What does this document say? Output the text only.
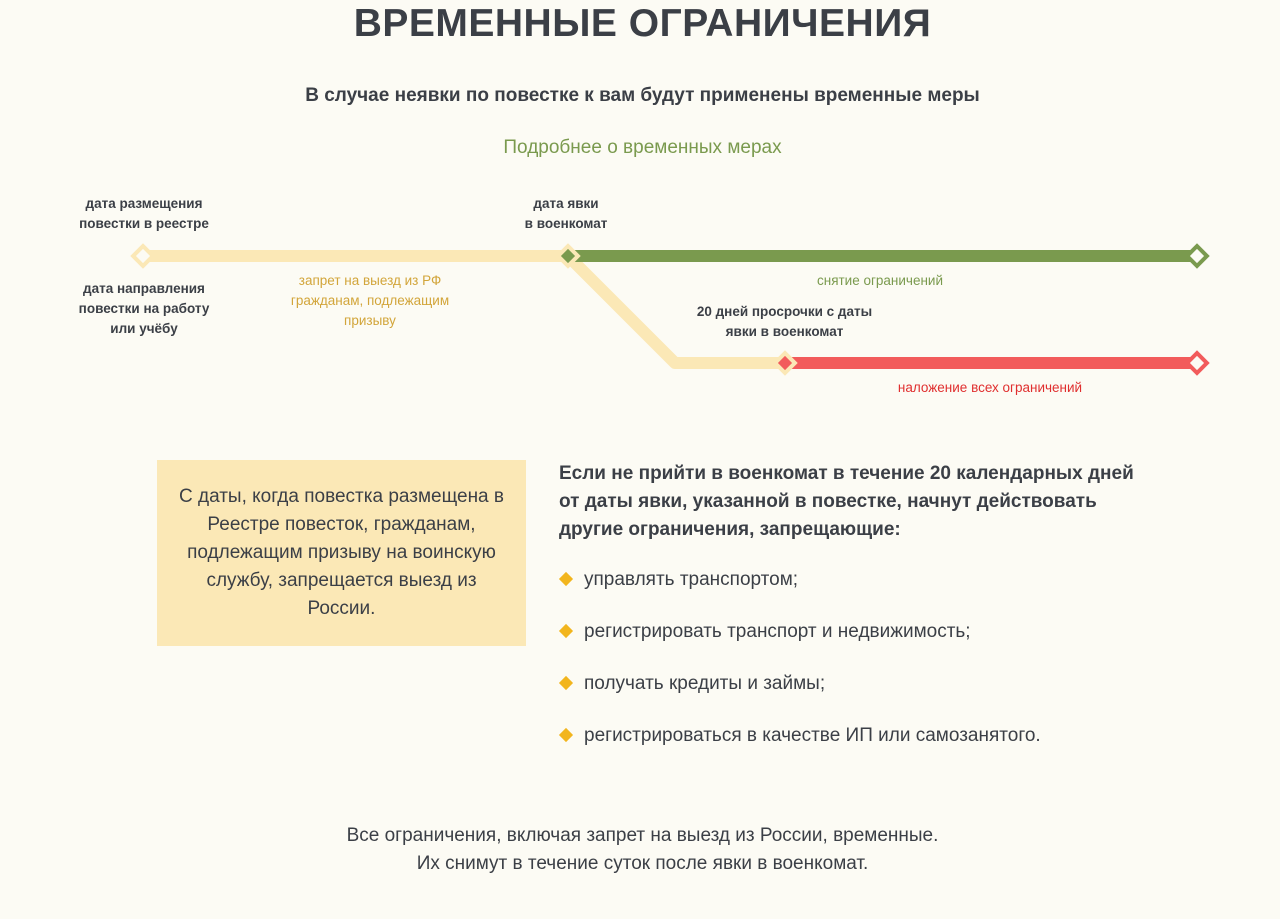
ВРЕМЕННЫЕ ОГРАНИЧЕНИЯ
В случае неявки по повестке к вам будут применены временные меры
Подробнее о временных мерах
дата размещения
повестки в реестре
дата направления
повестки на работу
или учёбу
дата явки
в военкомат
20 дней просрочки с даты
явки в военкомат
запрет на выезд из РФ
гражданам, подлежащим
призыву
снятие ограничений
наложение всех ограничений
С даты, когда повестка размещена в Реестре повесток, гражданам, подлежащим призыву на воинскую службу, запрещается выезд из России.
Если не прийти в военкомат в течение 20 календарных дней от даты явки, указанной в повестке, начнут действовать другие ограничения, запрещающие:
управлять транспортом;
регистрировать транспорт и недвижимость;
получать кредиты и займы;
регистрироваться в качестве ИП или самозанятого.
Все ограничения, включая запрет на выезд из России, временные.
Их снимут в течение суток после явки в военкомат.
